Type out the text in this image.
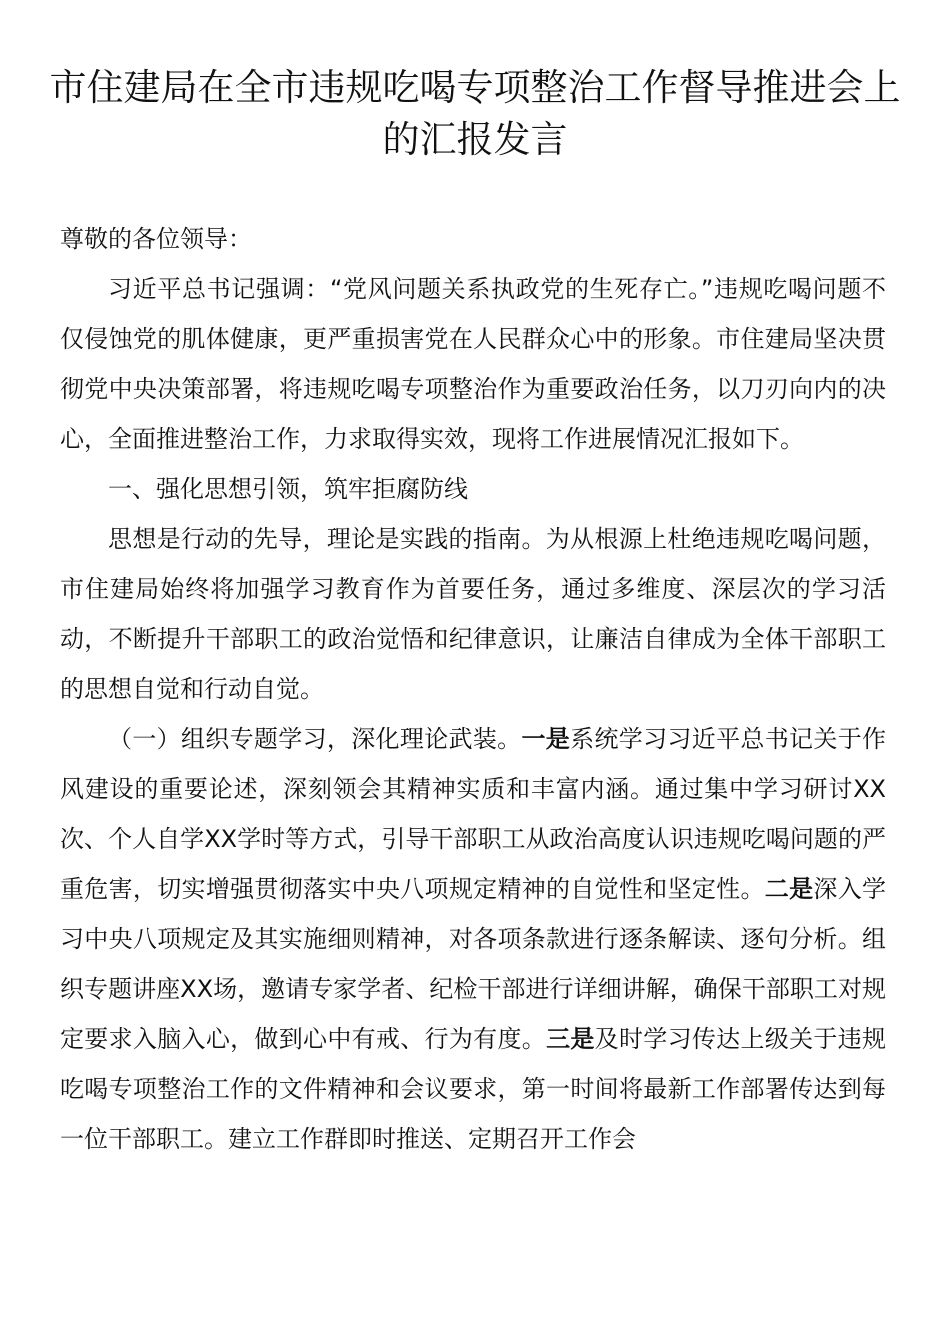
市住建局在全市违规吃喝专项整治工作督导推进会上
的汇报发言

尊敬的各位领导：

习近平总书记强调：“党风问题关系执政党的生死存亡。”违规吃喝问题不仅侵蚀党的肌体健康，更严重损害党在人民群众心中的形象。市住建局坚决贯彻党中央决策部署，将违规吃喝专项整治作为重要政治任务，以刀刃向内的决心，全面推进整治工作，力求取得实效，现将工作进展情况汇报如下。

一、强化思想引领，筑牢拒腐防线

思想是行动的先导，理论是实践的指南。为从根源上杜绝违规吃喝问题，市住建局始终将加强学习教育作为首要任务，通过多维度、深层次的学习活动，不断提升干部职工的政治觉悟和纪律意识，让廉洁自律成为全体干部职工的思想自觉和行动自觉。

（一）组织专题学习，深化理论武装。一是系统学习习近平总书记关于作风建设的重要论述，深刻领会其精神实质和丰富内涵。通过集中学习研讨XX次、个人自学XX学时等方式，引导干部职工从政治高度认识违规吃喝问题的严重危害，切实增强贯彻落实中央八项规定精神的自觉性和坚定性。二是深入学习中央八项规定及其实施细则精神，对各项条款进行逐条解读、逐句分析。组织专题讲座XX场，邀请专家学者、纪检干部进行详细讲解，确保干部职工对规定要求入脑入心，做到心中有戒、行为有度。三是及时学习传达上级关于违规吃喝专项整治工作的文件精神和会议要求，第一时间将最新工作部署传达到每一位干部职工。建立工作群即时推送、定期召开工作会
